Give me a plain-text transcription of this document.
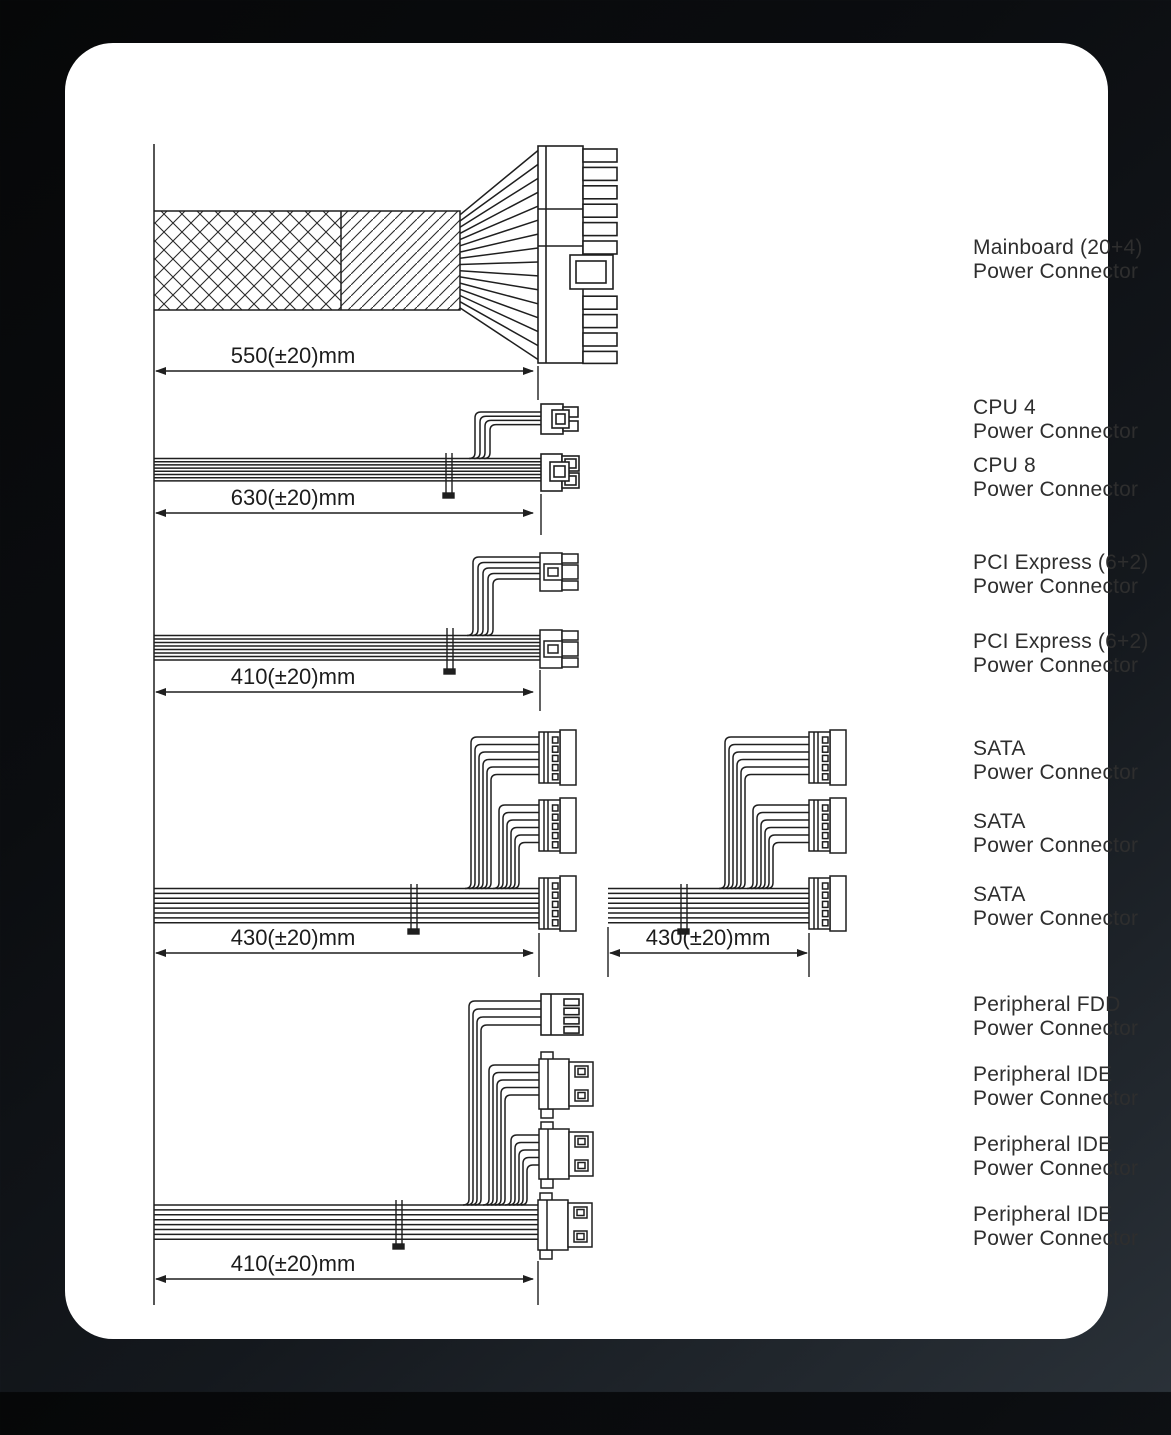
550(±20)mm
630(±20)mm
410(±20)mm
430(±20)mm	430(±20)mm
410(±20)mm
Mainboard (20+4)
Power Connector
CPU 4
Power Connector
CPU 8
Power Connector
PCI Express (6+2)
Power Connector
PCI Express (6+2)
Power Connector
SATA
Power Connector
SATA
Power Connector
SATA
Power Connector
Peripheral FDD
Power Connector
Peripheral IDE
Power Connector
Peripheral IDE
Power Connector
Peripheral IDE
Power Connector
